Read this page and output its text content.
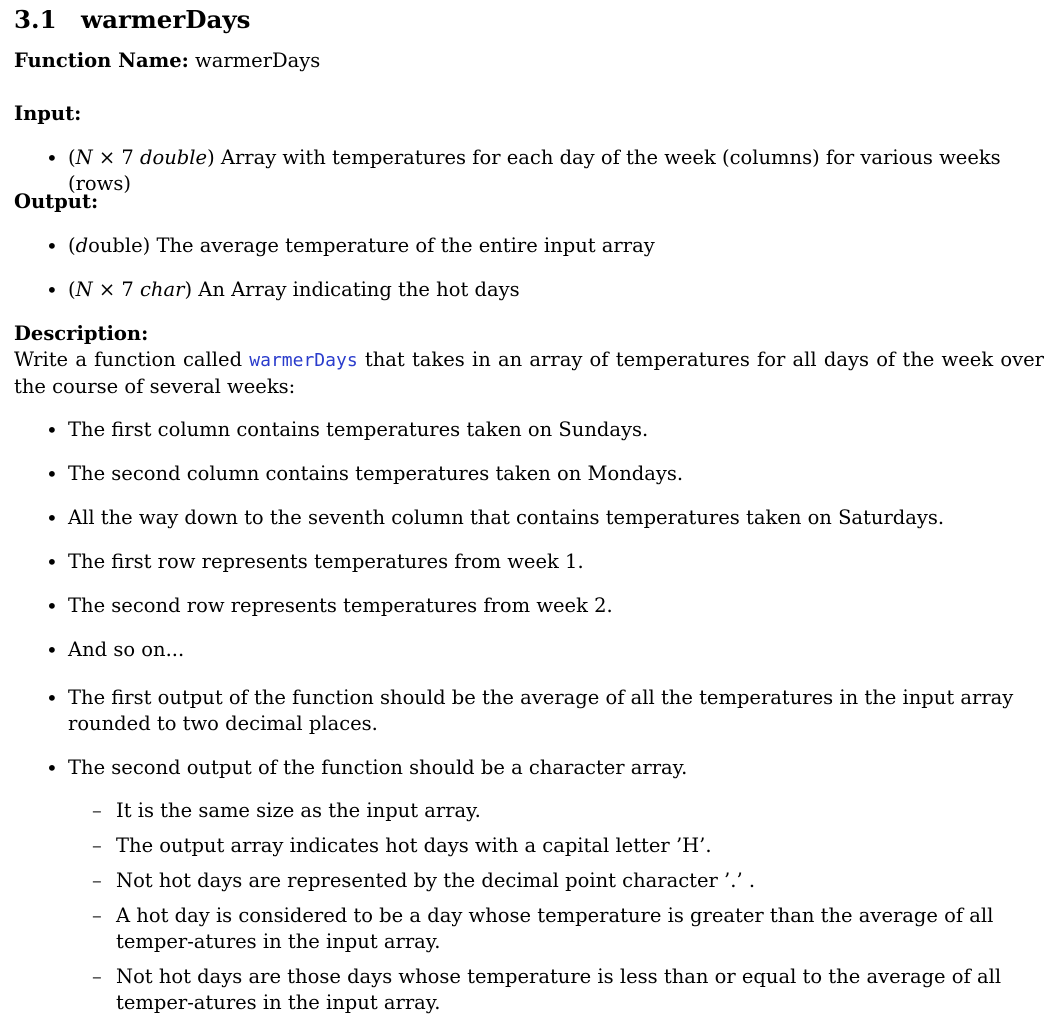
3.1 warmerDays
Function Name: warmerDays
Input:
• (N × 7 double) Array with temperatures for each day of the week (columns) for various weeks (rows)
Output:
• (double) The average temperature of the entire input array
• (N × 7 char) An Array indicating the hot days
Description:
Write a function called warmerDays that takes in an array of temperatures for all days of the week over the course of several weeks:
• The first column contains temperatures taken on Sundays.
• The second column contains temperatures taken on Mondays.
• All the way down to the seventh column that contains temperatures taken on Saturdays.
• The first row represents temperatures from week 1.
• The second row represents temperatures from week 2.
• And so on...
• The first output of the function should be the average of all the temperatures in the input array rounded to two decimal places.
• The second output of the function should be a character array.
– It is the same size as the input array.
– The output array indicates hot days with a capital letter ’H’.
– Not hot days are represented by the decimal point character ’.’ .
– A hot day is considered to be a day whose temperature is greater than the average of all temper-atures in the input array.
– Not hot days are those days whose temperature is less than or equal to the average of all temper-atures in the input array.
